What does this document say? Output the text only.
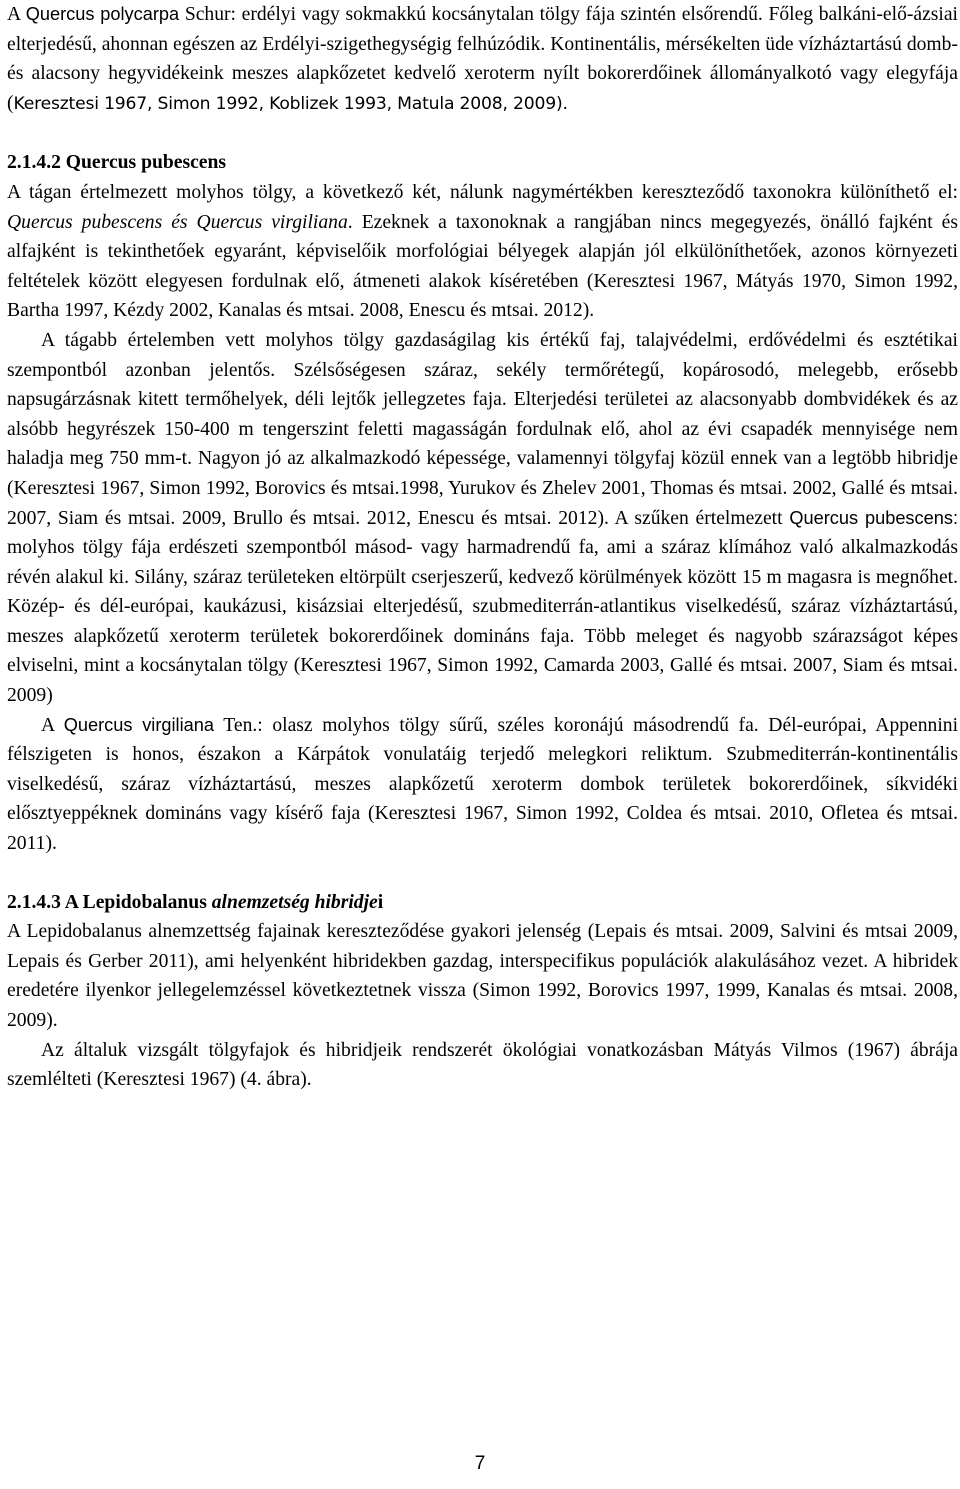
A Quercus polycarpa Schur: erdélyi vagy sokmakkú kocsánytalan tölgy fája szintén elsőrendű. Főleg balkáni-elő-ázsiai elterjedésű, ahonnan egészen az Erdélyi-szigethegységig felhúzódik. Kontinentális, mérsékelten üde vízháztartású domb- és alacsony hegyvidékeink meszes alapkőzetet kedvelő xeroterm nyílt bokorerdőinek állományalkotó vagy elegyfája (Keresztesi 1967, Simon 1992, Koblizek 1993, Matula 2008, 2009).

2.1.4.2 Quercus pubescens

A tágan értelmezett molyhos tölgy, a következő két, nálunk nagymértékben kereszteződő taxonokra különíthető el: Quercus pubescens és Quercus virgiliana. Ezeknek a taxonoknak a rangjában nincs megegyezés, önálló fajként és alfajként is tekinthetőek egyaránt, képviselőik morfológiai bélyegek alapján jól elkülöníthetőek, azonos környezeti feltételek között elegyesen fordulnak elő, átmeneti alakok kíséretében (Keresztesi 1967, Mátyás 1970, Simon 1992, Bartha 1997, Kézdy 2002, Kanalas és mtsai. 2008, Enescu és mtsai. 2012).

A tágabb értelemben vett molyhos tölgy gazdaságilag kis értékű faj, talajvédelmi, erdővédelmi és esztétikai szempontból azonban jelentős. Szélsőségesen száraz, sekély termőrétegű, kopárosodó, melegebb, erősebb napsugárzásnak kitett termőhelyek, déli lejtők jellegzetes faja. Elterjedési területei az alacsonyabb dombvidékek és az alsóbb hegyrészek 150-400 m tengerszint feletti magasságán fordulnak elő, ahol az évi csapadék mennyisége nem haladja meg 750 mm-t. Nagyon jó az alkalmazkodó képessége, valamennyi tölgyfaj közül ennek van a legtöbb hibridje (Keresztesi 1967, Simon 1992, Borovics és mtsai.1998, Yurukov és Zhelev 2001, Thomas és mtsai. 2002, Gallé és mtsai. 2007, Siam és mtsai. 2009, Brullo és mtsai. 2012, Enescu és mtsai. 2012). A szűken értelmezett Quercus pubescens: molyhos tölgy fája erdészeti szempontból másod- vagy harmadrendű fa, ami a száraz klímához való alkalmazkodás révén alakul ki. Silány, száraz területeken eltörpült cserjeszerű, kedvező körülmények között 15 m magasra is megnőhet. Közép- és dél-európai, kaukázusi, kisázsiai elterjedésű, szubmediterrán-atlantikus viselkedésű, száraz vízháztartású, meszes alapkőzetű xeroterm területek bokorerdőinek domináns faja. Több meleget és nagyobb szárazságot képes elviselni, mint a kocsánytalan tölgy (Keresztesi 1967, Simon 1992, Camarda 2003, Gallé és mtsai. 2007, Siam és mtsai. 2009)

A Quercus virgiliana Ten.: olasz molyhos tölgy sűrű, széles koronájú másodrendű fa. Dél-európai, Appennini félszigeten is honos, északon a Kárpátok vonulatáig terjedő melegkori reliktum. Szubmediterrán-kontinentális viselkedésű, száraz vízháztartású, meszes alapkőzetű xeroterm dombok területek bokorerdőinek, síkvidéki elősztyeppéknek domináns vagy kísérő faja (Keresztesi 1967, Simon 1992, Coldea és mtsai. 2010, Ofletea és mtsai. 2011).

2.1.4.3 A Lepidobalanus alnemzetség hibridjei

A Lepidobalanus alnemzettség fajainak kereszteződése gyakori jelenség (Lepais és mtsai. 2009, Salvini és mtsai 2009, Lepais és Gerber 2011), ami helyenként hibridekben gazdag, interspecifikus populációk alakulásához vezet. A hibridek eredetére ilyenkor jellegelemzéssel következtetnek vissza (Simon 1992, Borovics 1997, 1999, Kanalas és mtsai. 2008, 2009).

Az általuk vizsgált tölgyfajok és hibridjeik rendszerét ökológiai vonatkozásban Mátyás Vilmos (1967) ábrája szemlélteti (Keresztesi 1967) (4. ábra).

7
